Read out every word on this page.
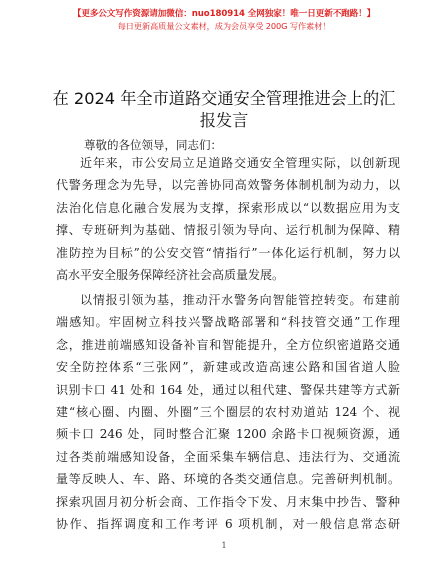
【更多公文写作资源请加微信：nuo180914 全网独家！唯一日更新不跑路！】
每日更新高质量公文素材，成为会员享受 200G 写作素材！
在 2024 年全市道路交通安全管理推进会上的汇
报发言
尊敬的各位领导，同志们：
近年来，市公安局立足道路交通安全管理实际，以创新现
代警务理念为先导，以完善协同高效警务体制机制为动力，以
法治化信息化融合发展为支撑，探索形成以“以数据应用为支
撑、专班研判为基础、情报引领为导向、运行机制为保障、精
准防控为目标”的公安交管“情指行”一体化运行机制，努力以
高水平安全服务保障经济社会高质量发展。
以情报引领为基，推动汗水警务向智能管控转变。布建前
端感知。牢固树立科技兴警战略部署和“科技管交通”工作理
念，推进前端感知设备补盲和智能提升，全方位织密道路交通
安全防控体系“三张网”，新建或改造高速公路和国省道人脸
识别卡口 41 处和 164 处，通过以租代建、警保共建等方式新
建“核心圈、内圈、外圈”三个圈层的农村劝道站 124 个、视
频卡口 246 处，同时整合汇聚 1200 余路卡口视频资源，通
过各类前端感知设备，全面采集车辆信息、违法行为、交通流
量等反映人、车、路、环境的各类交通信息。完善研判机制。
探索巩固月初分析会商、工作指令下发、月末集中抄告、警种
协作、指挥调度和工作考评 6 项机制，对一般信息常态研
1
